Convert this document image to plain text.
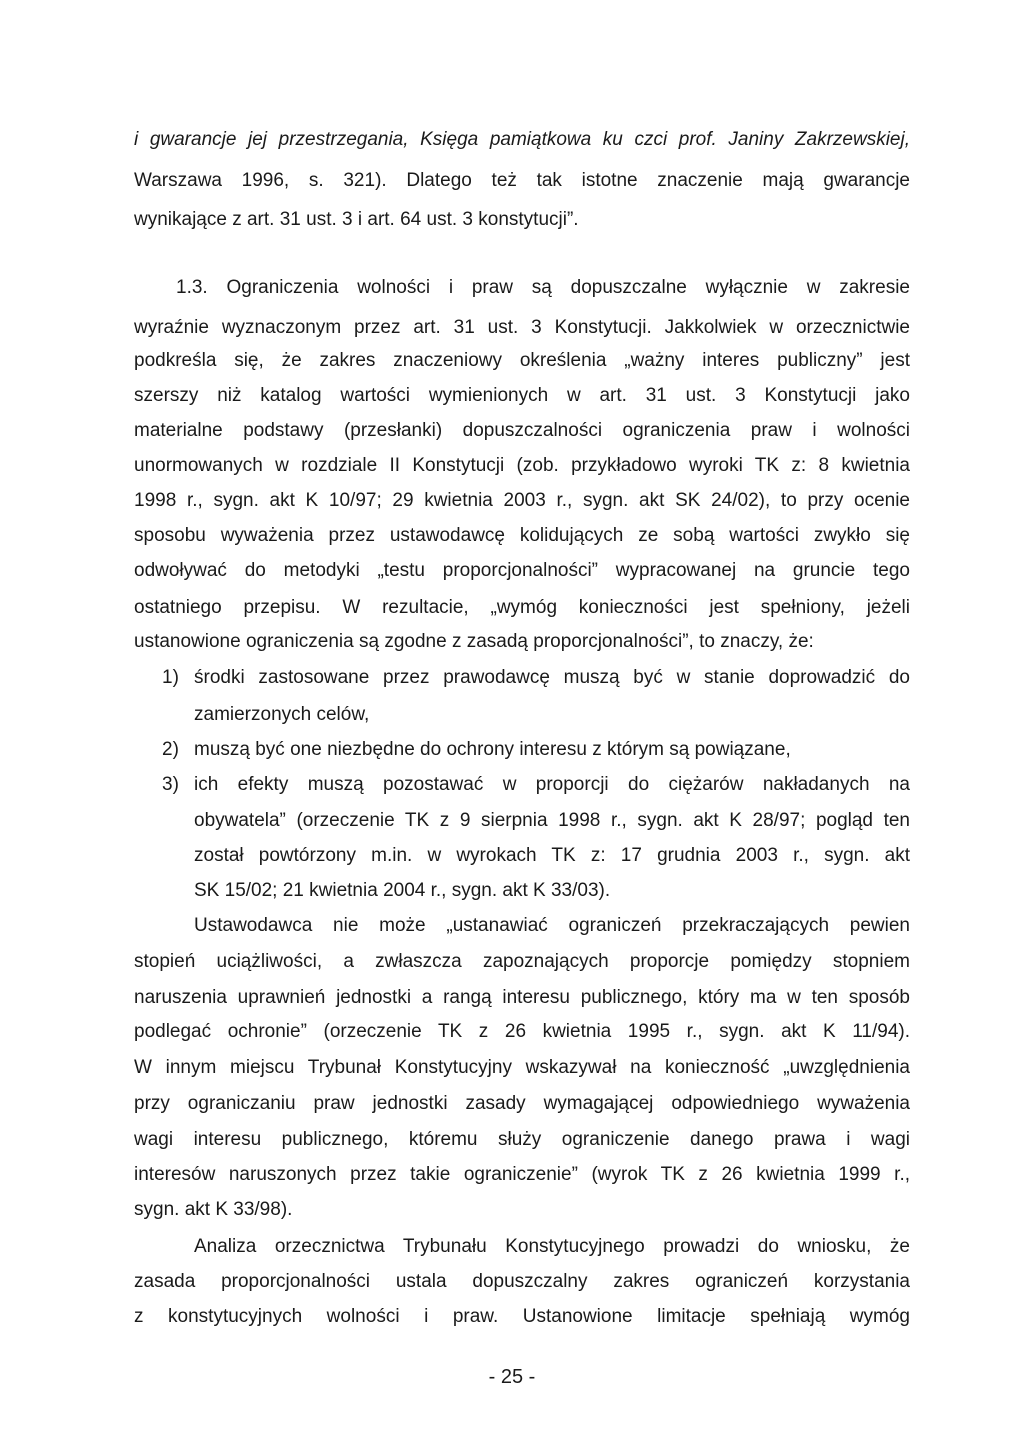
i gwarancje jej przestrzegania, Księga pamiątkowa ku czci prof. Janiny Zakrzewskiej,
Warszawa 1996, s. 321). Dlatego też tak istotne znaczenie mają gwarancje
wynikające z art. 31 ust. 3 i art. 64 ust. 3 konstytucji”.
1.3. Ograniczenia wolności i praw są dopuszczalne wyłącznie w zakresie
wyraźnie wyznaczonym przez art. 31 ust. 3 Konstytucji. Jakkolwiek w orzecznictwie
podkreśla się, że zakres znaczeniowy określenia „ważny interes publiczny” jest
szerszy niż katalog wartości wymienionych w art. 31 ust. 3 Konstytucji jako
materialne podstawy (przesłanki) dopuszczalności ograniczenia praw i wolności
unormowanych w rozdziale II Konstytucji (zob. przykładowo wyroki TK z: 8 kwietnia
1998 r., sygn. akt K 10/97; 29 kwietnia 2003 r., sygn. akt SK 24/02), to przy ocenie
sposobu wyważenia przez ustawodawcę kolidujących ze sobą wartości zwykło się
odwoływać do metodyki „testu proporcjonalności” wypracowanej na gruncie tego
ostatniego przepisu. W rezultacie, „wymóg konieczności jest spełniony, jeżeli
ustanowione ograniczenia są zgodne z zasadą proporcjonalności”, to znaczy, że:
1) środki zastosowane przez prawodawcę muszą być w stanie doprowadzić do
zamierzonych celów,
2) muszą być one niezbędne do ochrony interesu z którym są powiązane,
3) ich efekty muszą pozostawać w proporcji do ciężarów nakładanych na
obywatela” (orzeczenie TK z 9 sierpnia 1998 r., sygn. akt K 28/97; pogląd ten
został powtórzony m.in. w wyrokach TK z: 17 grudnia 2003 r., sygn. akt
SK 15/02; 21 kwietnia 2004 r., sygn. akt K 33/03).
Ustawodawca nie może „ustanawiać ograniczeń przekraczających pewien
stopień uciążliwości, a zwłaszcza zapoznających proporcje pomiędzy stopniem
naruszenia uprawnień jednostki a rangą interesu publicznego, który ma w ten sposób
podlegać ochronie” (orzeczenie TK z 26 kwietnia 1995 r., sygn. akt K 11/94).
W innym miejscu Trybunał Konstytucyjny wskazywał na konieczność „uwzględnienia
przy ograniczaniu praw jednostki zasady wymagającej odpowiedniego wyważenia
wagi interesu publicznego, któremu służy ograniczenie danego prawa i wagi
interesów naruszonych przez takie ograniczenie” (wyrok TK z 26 kwietnia 1999 r.,
sygn. akt K 33/98).
Analiza orzecznictwa Trybunału Konstytucyjnego prowadzi do wniosku, że
zasada proporcjonalności ustala dopuszczalny zakres ograniczeń korzystania
z konstytucyjnych wolności i praw. Ustanowione limitacje spełniają wymóg
- 25 -
